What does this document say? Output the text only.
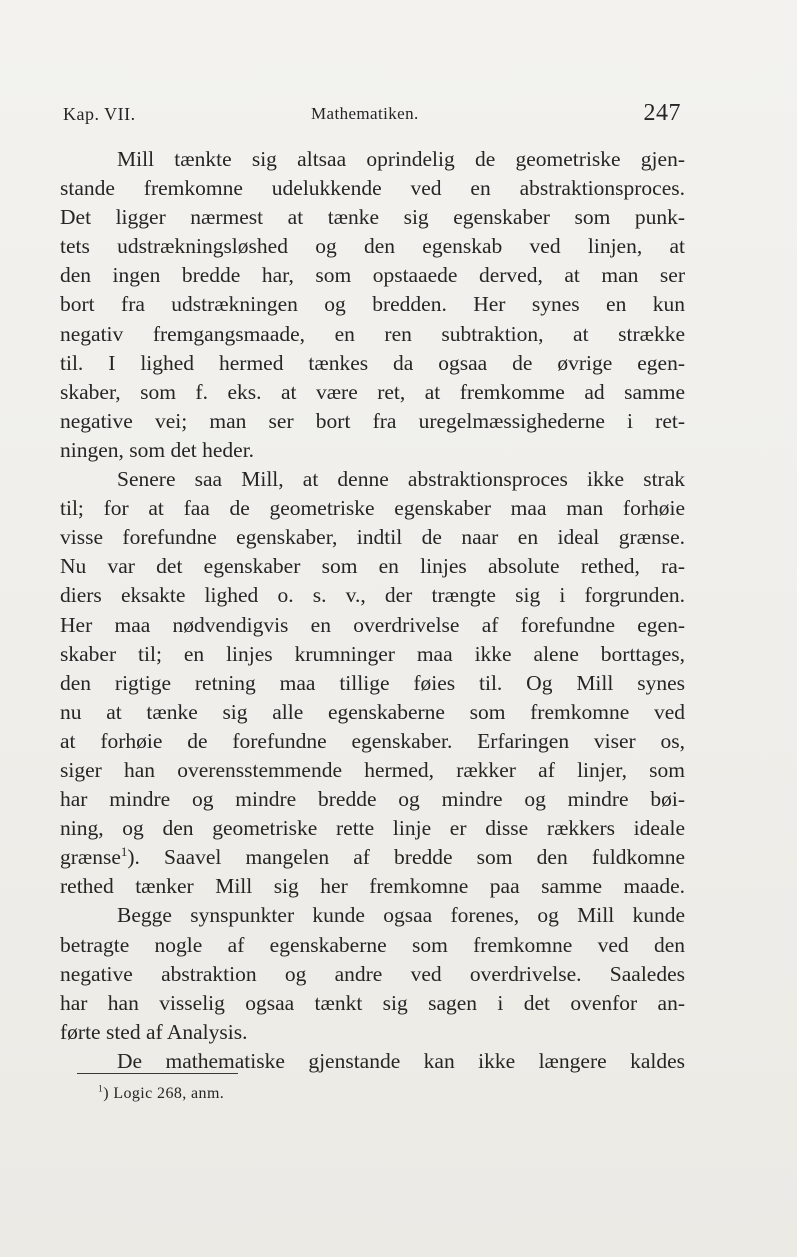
Kap. VII.	Mathematiken.	247
Mill tænkte sig altsaa oprindelig de geometriske gjen-
stande fremkomne udelukkende ved en abstraktionsproces.
Det ligger nærmest at tænke sig egenskaber som punk-
tets udstrækningsløshed og den egenskab ved linjen, at
den ingen bredde har, som opstaaede derved, at man ser
bort fra udstrækningen og bredden. Her synes en kun
negativ fremgangsmaade, en ren subtraktion, at strække
til. I lighed hermed tænkes da ogsaa de øvrige egen-
skaber, som f. eks. at være ret, at fremkomme ad samme
negative vei; man ser bort fra uregelmæssighederne i ret-
ningen, som det heder.
Senere saa Mill, at denne abstraktionsproces ikke strak
til; for at faa de geometriske egenskaber maa man forhøie
visse forefundne egenskaber, indtil de naar en ideal grænse.
Nu var det egenskaber som en linjes absolute rethed, ra-
diers eksakte lighed o. s. v., der trængte sig i forgrunden.
Her maa nødvendigvis en overdrivelse af forefundne egen-
skaber til; en linjes krumninger maa ikke alene borttages,
den rigtige retning maa tillige føies til. Og Mill synes
nu at tænke sig alle egenskaberne som fremkomne ved
at forhøie de forefundne egenskaber. Erfaringen viser os,
siger han overensstemmende hermed, rækker af linjer, som
har mindre og mindre bredde og mindre og mindre bøi-
ning, og den geometriske rette linje er disse rækkers ideale
grænse$^1$). Saavel mangelen af bredde som den fuldkomne
rethed tænker Mill sig her fremkomne paa samme maade.
Begge synspunkter kunde ogsaa forenes, og Mill kunde
betragte nogle af egenskaberne som fremkomne ved den
negative abstraktion og andre ved overdrivelse. Saaledes
har han visselig ogsaa tænkt sig sagen i det ovenfor an-
førte sted af Analysis.
De mathematiske gjenstande kan ikke længere kaldes
$^1$) Logic 268, anm.
